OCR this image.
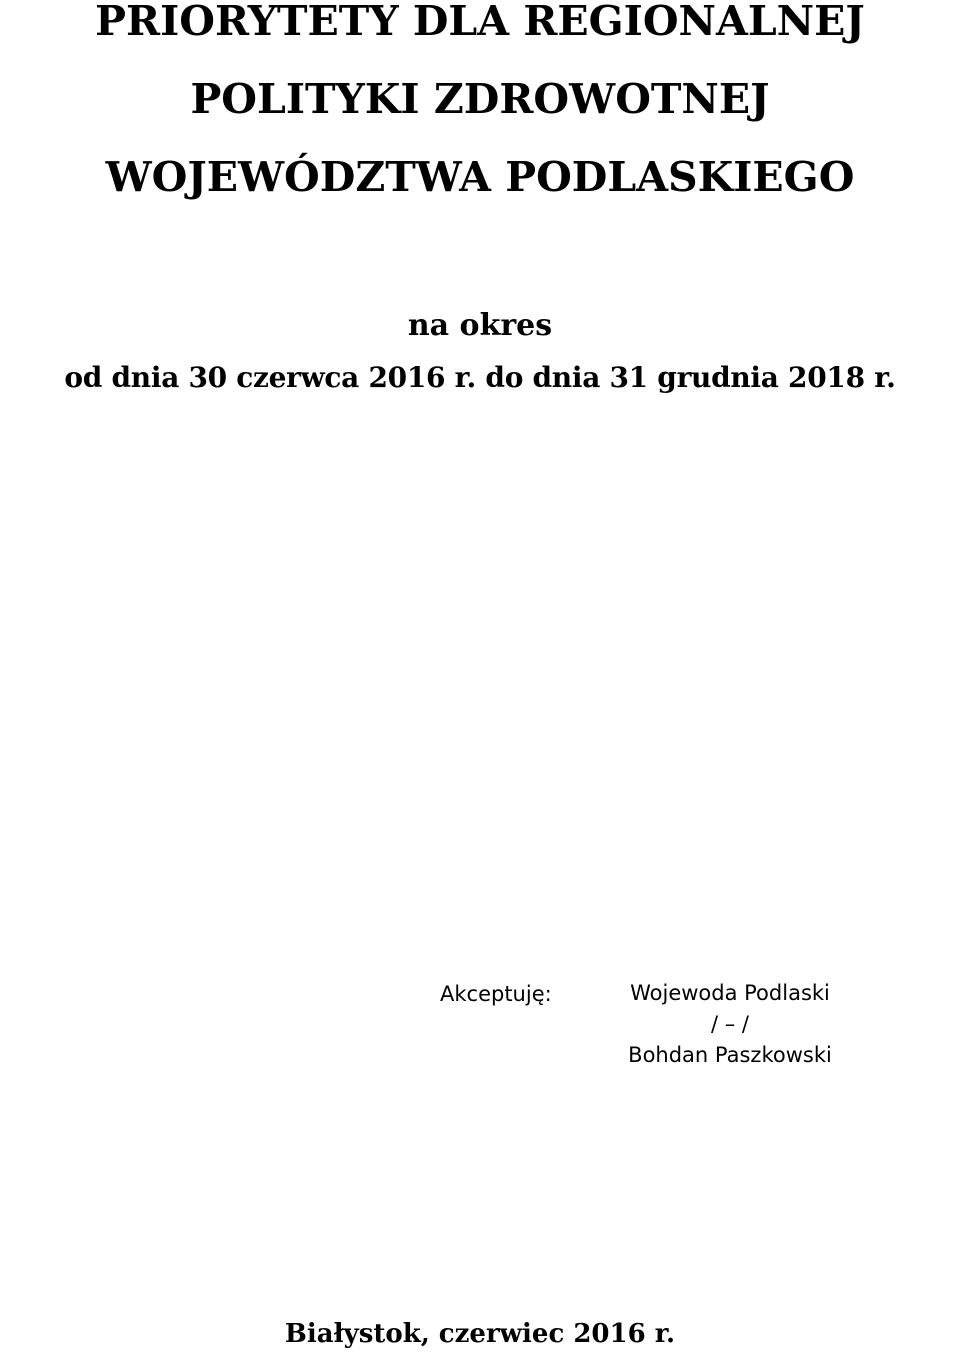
PRIORYTETY DLA REGIONALNEJ
POLITYKI ZDROWOTNEJ
WOJEWÓDZTWA PODLASKIEGO
na okres
od dnia 30 czerwca 2016 r. do dnia 31 grudnia 2018 r.
Akceptuję:	Wojewoda Podlaski
/ – /
Bohdan Paszkowski
Białystok, czerwiec 2016 r.
